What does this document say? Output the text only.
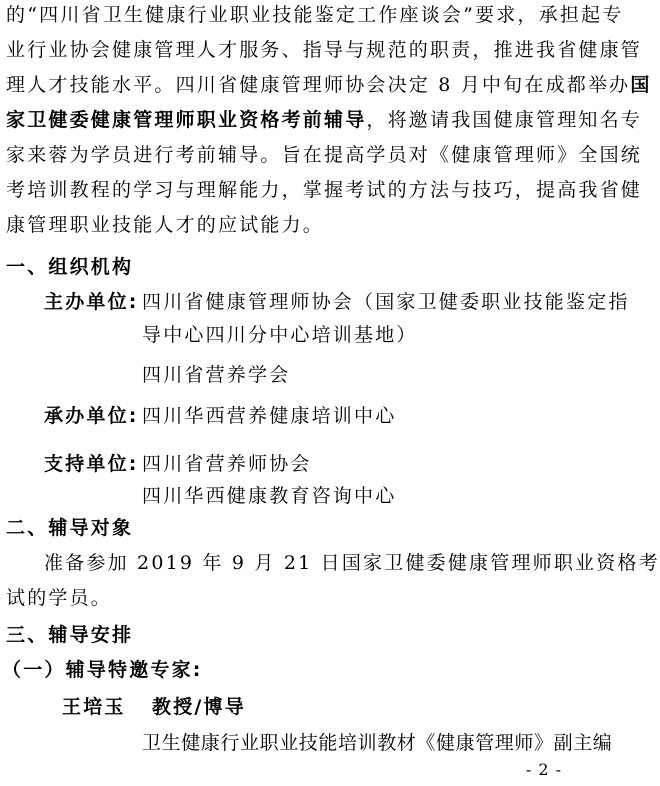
的“四川省卫生健康行业职业技能鉴定工作座谈会”要求，承担起专
业行业协会健康管理人才服务、指导与规范的职责，推进我省健康管
理人才技能水平。四川省健康管理师协会决定 8 月中旬在成都举办国
家卫健委健康管理师职业资格考前辅导，将邀请我国健康管理知名专
家来蓉为学员进行考前辅导。旨在提高学员对《健康管理师》全国统
考培训教程的学习与理解能力，掌握考试的方法与技巧，提高我省健
康管理职业技能人才的应试能力。
一、组织机构
主办单位: 四川省健康管理师协会（国家卫健委职业技能鉴定指
导中心四川分中心培训基地）
四川省营养学会
承办单位: 四川华西营养健康培训中心
支持单位: 四川省营养师协会
四川华西健康教育咨询中心
二、辅导对象
准备参加 2019 年 9 月 21 日国家卫健委健康管理师职业资格考
试的学员。
三、辅导安排
（一）辅导特邀专家:
王培玉 教授/博导
卫生健康行业职业技能培训教材《健康管理师》副主编
- 2 -
